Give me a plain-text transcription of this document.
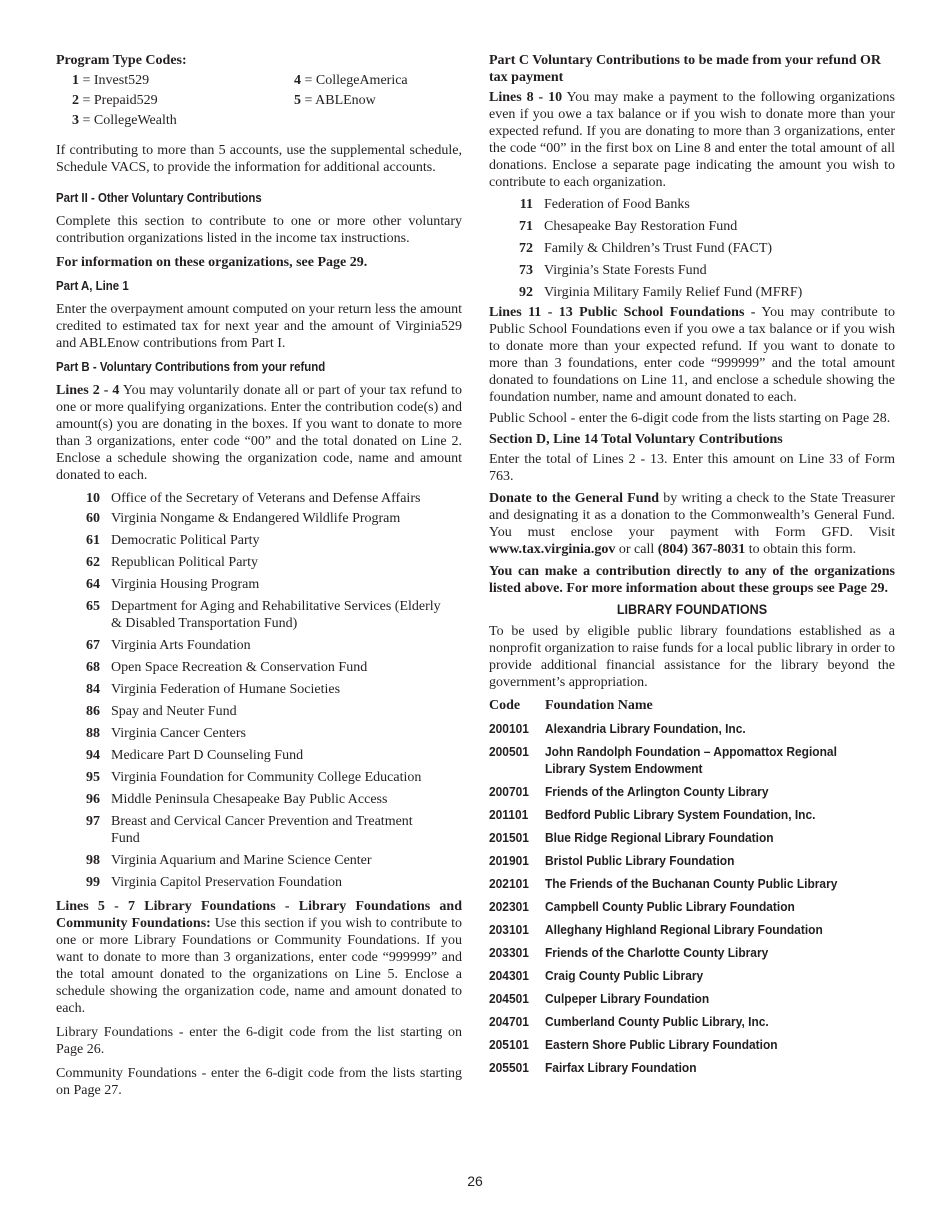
Program Type Codes:
1 = Invest529	4 = CollegeAmerica
2 = Prepaid529	5 = ABLEnow
3 = CollegeWealth

If contributing to more than 5 accounts, use the supplemental schedule, Schedule VACS, to provide the information for additional accounts.

Part II - Other Voluntary Contributions

Complete this section to contribute to one or more other voluntary contribution organizations listed in the income tax instructions.

For information on these organizations, see Page 29.

Part A, Line 1

Enter the overpayment amount computed on your return less the amount credited to estimated tax for next year and the amount of Virginia529 and ABLEnow contributions from Part I.

Part B - Voluntary Contributions from your refund

Lines 2 - 4 You may voluntarily donate all or part of your tax refund to one or more qualifying organizations. Enter the contribution code(s) and amount(s) you are donating in the boxes. If you want to donate to more than 3 organizations, enter code “00” and the total donated on Line 2. Enclose a schedule showing the organization code, name and amount donated to each.

10 Office of the Secretary of Veterans and Defense Affairs
60 Virginia Nongame & Endangered Wildlife Program
61 Democratic Political Party
62 Republican Political Party
64 Virginia Housing Program
65 Department for Aging and Rehabilitative Services (Elderly & Disabled Transportation Fund)
67 Virginia Arts Foundation
68 Open Space Recreation & Conservation Fund
84 Virginia Federation of Humane Societies
86 Spay and Neuter Fund
88 Virginia Cancer Centers
94 Medicare Part D Counseling Fund
95 Virginia Foundation for Community College Education
96 Middle Peninsula Chesapeake Bay Public Access
97 Breast and Cervical Cancer Prevention and Treatment Fund
98 Virginia Aquarium and Marine Science Center
99 Virginia Capitol Preservation Foundation

Lines 5 - 7 Library Foundations - Library Foundations and Community Foundations: Use this section if you wish to contribute to one or more Library Foundations or Community Foundations. If you want to donate to more than 3 organizations, enter code “999999” and the total amount donated to the organizations on Line 5. Enclose a schedule showing the organization code, name and amount donated to each.

Library Foundations - enter the 6-digit code from the list starting on Page 26.

Community Foundations - enter the 6-digit code from the lists starting on Page 27.

Part C Voluntary Contributions to be made from your refund OR tax payment

Lines 8 - 10 You may make a payment to the following organizations even if you owe a tax balance or if you wish to donate more than your expected refund. If you are donating to more than 3 organizations, enter the code “00” in the first box on Line 8 and enter the total amount of all donations. Enclose a separate page indicating the amount you wish to contribute to each organization.

11 Federation of Food Banks
71 Chesapeake Bay Restoration Fund
72 Family & Children’s Trust Fund (FACT)
73 Virginia’s State Forests Fund
92 Virginia Military Family Relief Fund (MFRF)

Lines 11 - 13 Public School Foundations - You may contribute to Public School Foundations even if you owe a tax balance or if you wish to donate more than your expected refund. If you want to donate to more than 3 foundations, enter code “999999” and the total amount donated to foundations on Line 11, and enclose a schedule showing the foundation number, name and amount donated to each.

Public School - enter the 6-digit code from the lists starting on Page 28.

Section D, Line 14 Total Voluntary Contributions

Enter the total of Lines 2 - 13. Enter this amount on Line 33 of Form 763.

Donate to the General Fund by writing a check to the State Treasurer and designating it as a donation to the Commonwealth’s General Fund. You must enclose your payment with Form GFD. Visit www.tax.virginia.gov or call (804) 367-8031 to obtain this form.

You can make a contribution directly to any of the organizations listed above. For more information about these groups see Page 29.

LIBRARY FOUNDATIONS

To be used by eligible public library foundations established as a nonprofit organization to raise funds for a local public library in order to provide additional financial assistance for the library beyond the government’s appropriation.

Code	Foundation Name
200101	Alexandria Library Foundation, Inc.
200501	John Randolph Foundation – Appomattox Regional Library System Endowment
200701	Friends of the Arlington County Library
201101	Bedford Public Library System Foundation, Inc.
201501	Blue Ridge Regional Library Foundation
201901	Bristol Public Library Foundation
202101	The Friends of the Buchanan County Public Library
202301	Campbell County Public Library Foundation
203101	Alleghany Highland Regional Library Foundation
203301	Friends of the Charlotte County Library
204301	Craig County Public Library
204501	Culpeper Library Foundation
204701	Cumberland County Public Library, Inc.
205101	Eastern Shore Public Library Foundation
205501	Fairfax Library Foundation
26
